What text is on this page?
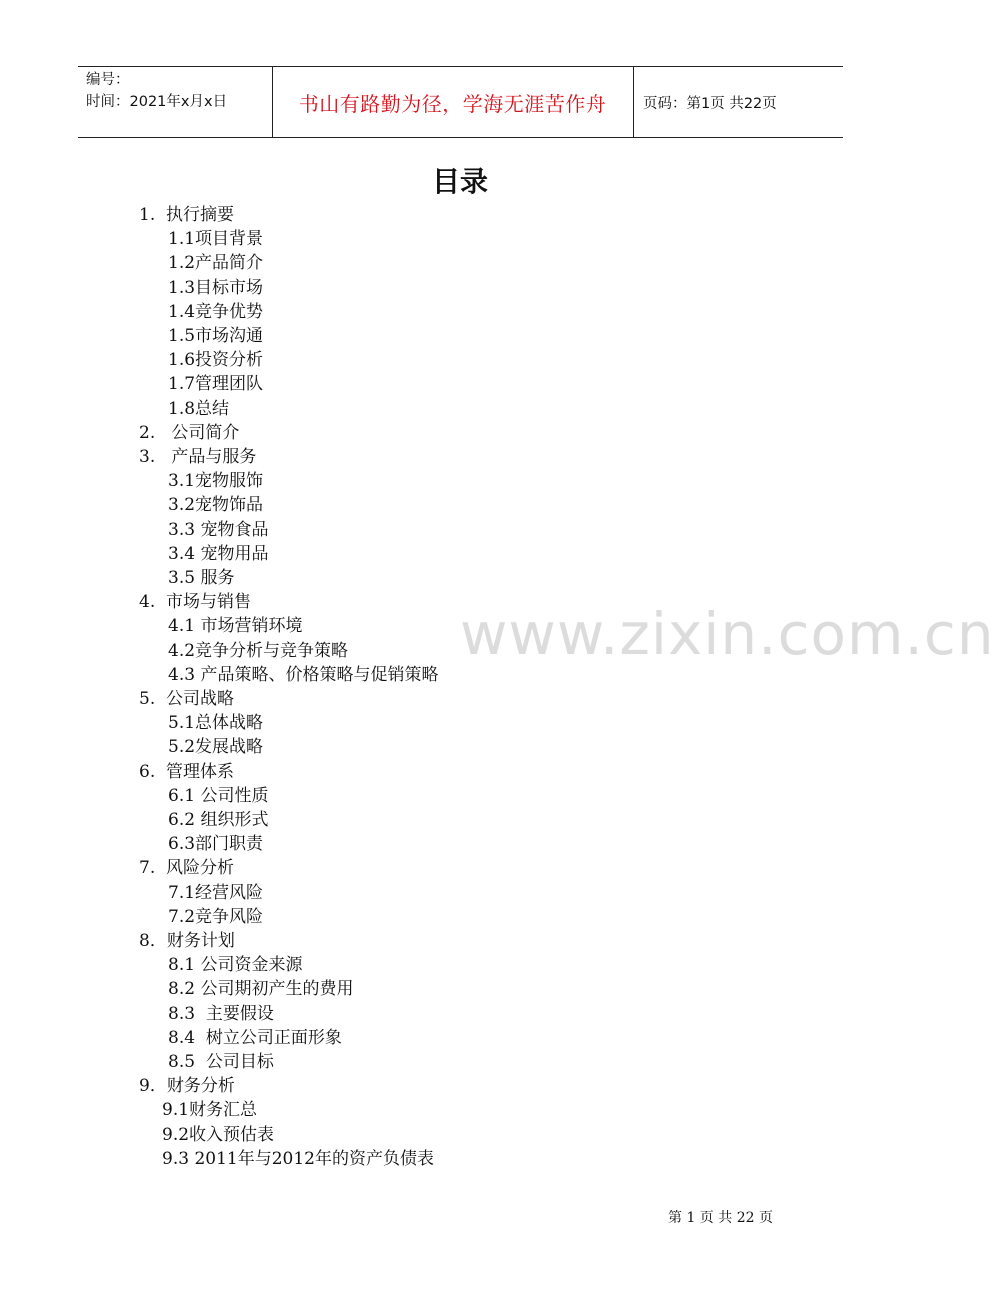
编号：
时间：2021年x月x日	书山有路勤为径，学海无涯苦作舟	页码：第1页 共22页
www.zixin.com.cn
目录
1.  执行摘要
1.1项目背景
1.2产品简介
1.3目标市场
1.4竞争优势
1.5市场沟通
1.6投资分析
1.7管理团队
1.8总结
2.   公司简介
3.   产品与服务
3.1宠物服饰
3.2宠物饰品
3.3 宠物食品
3.4 宠物用品
3.5 服务
4.  市场与销售
4.1 市场营销环境
4.2竞争分析与竞争策略
4.3 产品策略、价格策略与促销策略
5.  公司战略
5.1总体战略
5.2发展战略
6.  管理体系
6.1 公司性质
6.2 组织形式
6.3部门职责
7.  风险分析
7.1经营风险
7.2竞争风险
8．财务计划
8.1 公司资金来源
8.2 公司期初产生的费用
8.3  主要假设
8.4  树立公司正面形象
8.5  公司目标
9．财务分析
9.1财务汇总
9.2收入预估表
9.3 2011年与2012年的资产负债表
第 1 页 共 22 页
